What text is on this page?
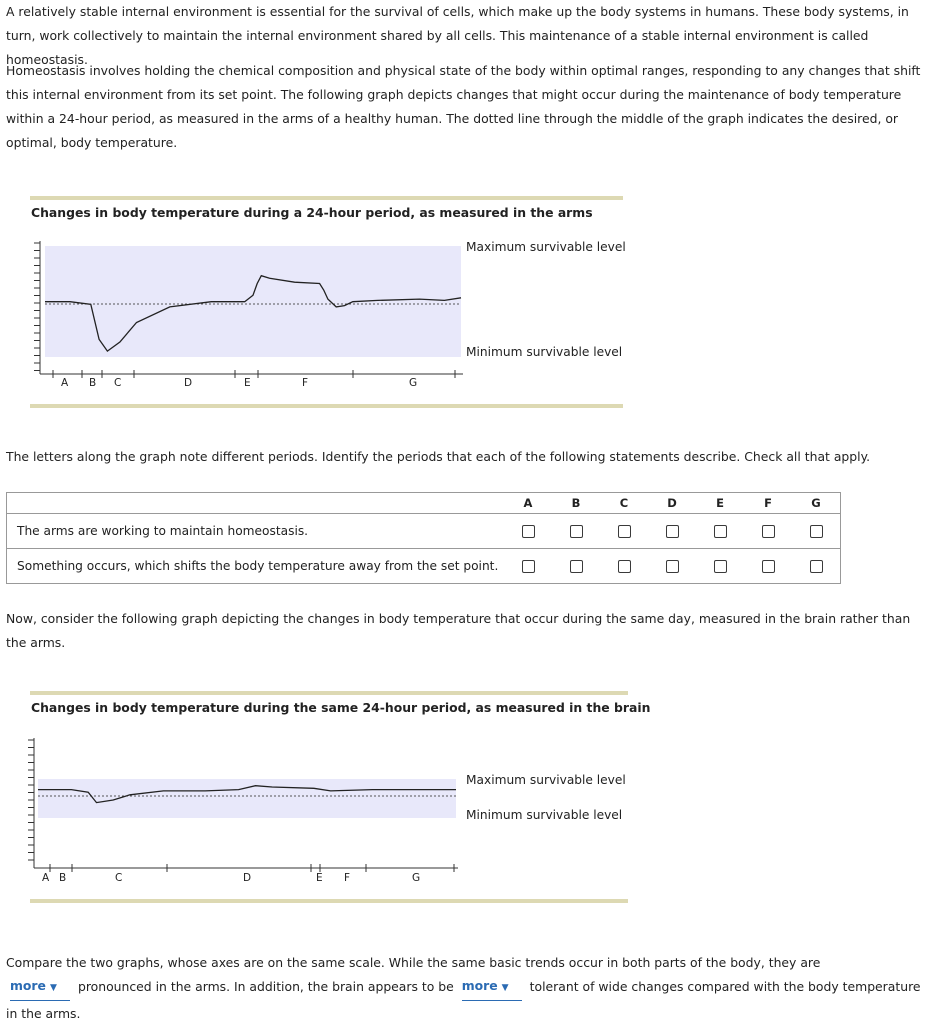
A relatively stable internal environment is essential for the survival of cells, which make up the body systems in humans. These body systems, in turn, work collectively to maintain the internal environment shared by all cells. This maintenance of a stable internal environment is called homeostasis.

Homeostasis involves holding the chemical composition and physical state of the body within optimal ranges, responding to any changes that shift this internal environment from its set point. The following graph depicts changes that might occur during the maintenance of body temperature within a 24-hour period, as measured in the arms of a healthy human. The dotted line through the middle of the graph indicates the desired, or optimal, body temperature.

Changes in body temperature during a 24-hour period, as measured in the arms
A B C	D	E	F	G
Maximum survivable level
Minimum survivable level

The letters along the graph note different periods. Identify the periods that each of the following statements describe. Check all that apply.

	A	B	C	D	E	F	G
The arms are working to maintain homeostasis.							
Something occurs, which shifts the body temperature away from the set point.							

Now, consider the following graph depicting the changes in body temperature that occur during the same day, measured in the brain rather than the arms.

Changes in body temperature during the same 24-hour period, as measured in the brain
A B	C	D	E F	G
Maximum survivable level
Minimum survivable level

Compare the two graphs, whose axes are on the same scale. While the same basic trends occur in both parts of the body, they are
more ▼ pronounced in the arms. In addition, the brain appears to be more ▼ tolerant of wide changes compared with the body temperature in the arms.
